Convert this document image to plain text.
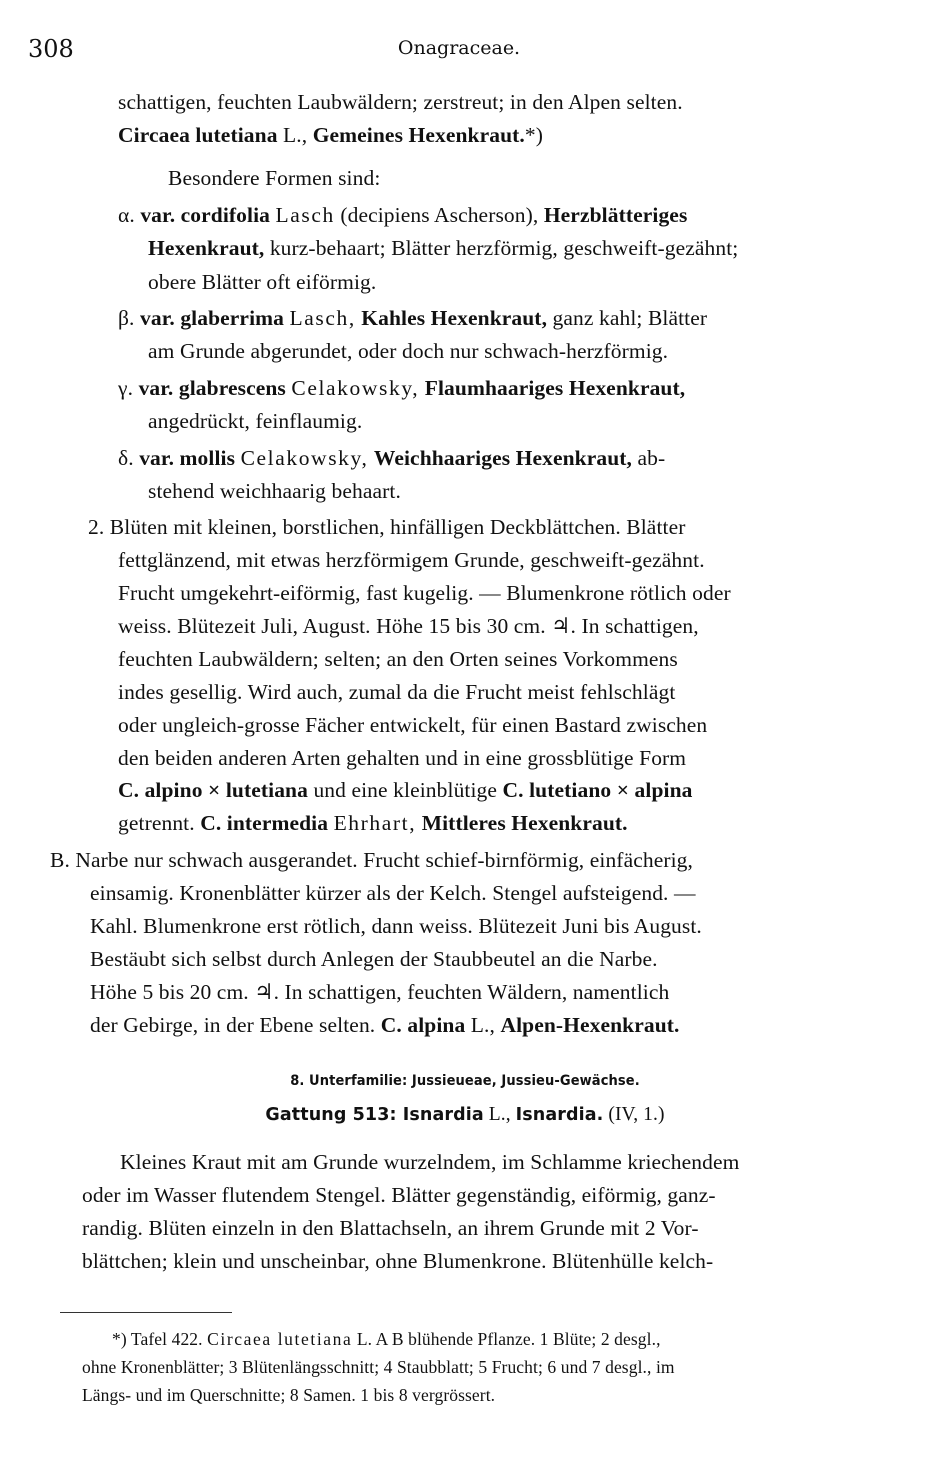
308	Onagraceae.
schattigen, feuchten Laubwäldern; zerstreut; in den Alpen selten.
Circaea lutetiana L., Gemeines Hexenkraut.*)
Besondere Formen sind:
α. var. cordifolia Lasch (decipiens Ascherson), Herzblätteriges
Hexenkraut, kurz-behaart; Blätter herzförmig, geschweift-gezähnt;
obere Blätter oft eiförmig.
β. var. glaberrima Lasch, Kahles Hexenkraut, ganz kahl; Blätter
am Grunde abgerundet, oder doch nur schwach-herzförmig.
γ. var. glabrescens Celakowsky, Flaumhaariges Hexenkraut,
angedrückt, feinflaumig.
δ. var. mollis Celakowsky, Weichhaariges Hexenkraut, ab-
stehend weichhaarig behaart.
2. Blüten mit kleinen, borstlichen, hinfälligen Deckblättchen. Blätter
fettglänzend, mit etwas herzförmigem Grunde, geschweift-gezähnt.
Frucht umgekehrt-eiförmig, fast kugelig. — Blumenkrone rötlich oder
weiss. Blütezeit Juli, August. Höhe 15 bis 30 cm. ♃. In schattigen,
feuchten Laubwäldern; selten; an den Orten seines Vorkommens
indes gesellig. Wird auch, zumal da die Frucht meist fehlschlägt
oder ungleich-grosse Fächer entwickelt, für einen Bastard zwischen
den beiden anderen Arten gehalten und in eine grossblütige Form
C. alpino × lutetiana und eine kleinblütige C. lutetiano × alpina
getrennt. C. intermedia Ehrhart, Mittleres Hexenkraut.
B. Narbe nur schwach ausgerandet. Frucht schief-birnförmig, einfächerig,
einsamig. Kronenblätter kürzer als der Kelch. Stengel aufsteigend. —
Kahl. Blumenkrone erst rötlich, dann weiss. Blütezeit Juni bis August.
Bestäubt sich selbst durch Anlegen der Staubbeutel an die Narbe.
Höhe 5 bis 20 cm. ♃. In schattigen, feuchten Wäldern, namentlich
der Gebirge, in der Ebene selten. C. alpina L., Alpen-Hexenkraut.
8. Unterfamilie: Jussieueae, Jussieu-Gewächse.
Gattung 513: Isnardia L., Isnardia. (IV, 1.)
Kleines Kraut mit am Grunde wurzelndem, im Schlamme kriechendem
oder im Wasser flutendem Stengel. Blätter gegenständig, eiförmig, ganz-
randig. Blüten einzeln in den Blattachseln, an ihrem Grunde mit 2 Vor-
blättchen; klein und unscheinbar, ohne Blumenkrone. Blütenhülle kelch-
*) Tafel 422. Circaea lutetiana L. A B blühende Pflanze. 1 Blüte; 2 desgl.,
ohne Kronenblätter; 3 Blütenlängsschnitt; 4 Staubblatt; 5 Frucht; 6 und 7 desgl., im
Längs- und im Querschnitte; 8 Samen. 1 bis 8 vergrössert.
